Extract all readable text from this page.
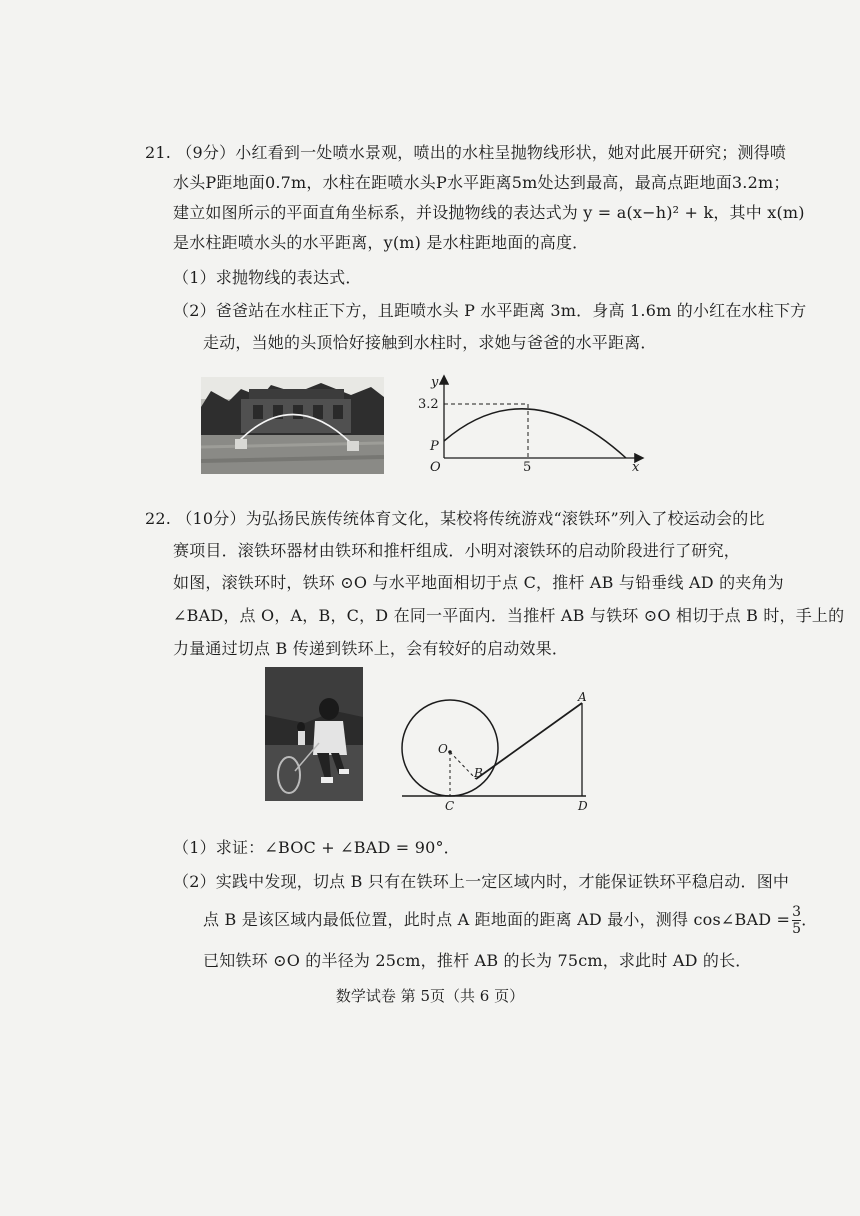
21. （9分）小红看到一处喷水景观，喷出的水柱呈抛物线形状，她对此展开研究；测得喷
水头P距地面0.7m，水柱在距喷水头P水平距离5m处达到最高，最高点距地面3.2m；
建立如图所示的平面直角坐标系，并设抛物线的表达式为 y = a(x−h)² + k，其中 x(m)
是水柱距喷水头的水平距离，y(m) 是水柱距地面的高度．
（1）求抛物线的表达式．
（2）爸爸站在水柱正下方，且距喷水头 P 水平距离 3m．身高 1.6m 的小红在水柱下方
走动，当她的头顶恰好接触到水柱时，求她与爸爸的水平距离．
y
x
O
P
3.2
5
22. （10分）为弘扬民族传统体育文化，某校将传统游戏“滚铁环”列入了校运动会的比
赛项目．滚铁环器材由铁环和推杆组成．小明对滚铁环的启动阶段进行了研究，
如图，滚铁环时，铁环 ⊙O 与水平地面相切于点 C，推杆 AB 与铅垂线 AD 的夹角为
∠BAD，点 O，A，B，C，D 在同一平面内．当推杆 AB 与铁环 ⊙O 相切于点 B 时，手上的
力量通过切点 B 传递到铁环上，会有较好的启动效果．
O
A
B
C	D
（1）求证：∠BOC + ∠BAD = 90°．
（2）实践中发现，切点 B 只有在铁环上一定区域内时，才能保证铁环平稳启动．图中
点 B 是该区域内最低位置，此时点 A 距地面的距离 AD 最小，测得 cos∠BAD = $\frac{3}{5}$ ．
已知铁环 ⊙O 的半径为 25cm，推杆 AB 的长为 75cm，求此时 AD 的长．
数学试卷 第 5页（共 6 页）
